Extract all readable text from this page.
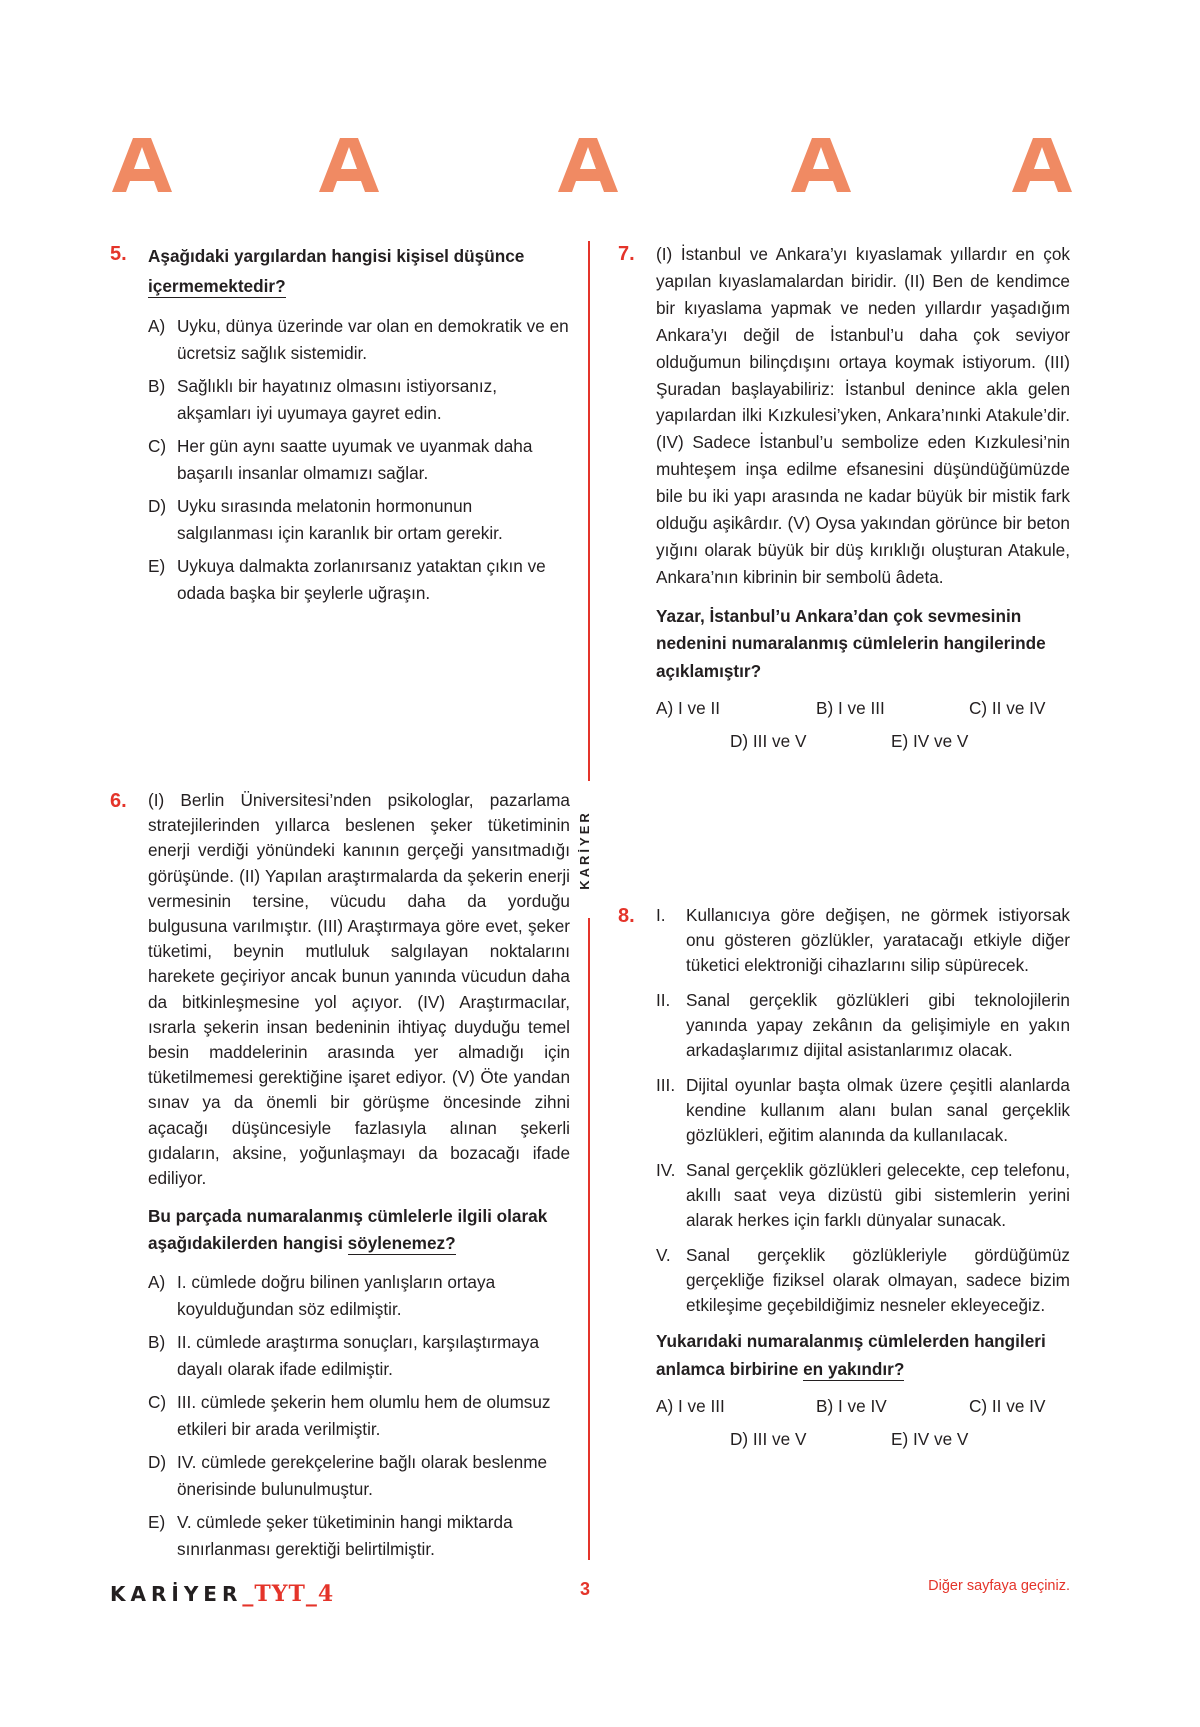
KARİYER
5. Aşağıdaki yargılardan hangisi kişisel düşünce
içermemektedir?
A) Uyku, dünya üzerinde var olan en demokratik ve en ücretsiz sağlık sistemidir.
B) Sağlıklı bir hayatınız olmasını istiyorsanız, akşamları iyi uyumaya gayret edin.
C) Her gün aynı saatte uyumak ve uyanmak daha başarılı insanlar olmamızı sağlar.
D) Uyku sırasında melatonin hormonunun salgılanması için karanlık bir ortam gerekir.
E) Uykuya dalmakta zorlanırsanız yataktan çıkın ve odada başka bir şeylerle uğraşın.
6. (I) Berlin Üniversitesi’nden psikologlar, pazarlama stratejilerinden yıllarca beslenen şeker tüketiminin enerji verdiği yönündeki kanının gerçeği yansıtmadığı görüşünde. (II) Yapılan araştırmalarda da şekerin enerji vermesinin tersine, vücudu daha da yorduğu bulgusuna varılmıştır. (III) Araştırmaya göre evet, şeker tüketimi, beynin mutluluk salgılayan noktalarını harekete geçiriyor ancak bunun yanında vücudun daha da bitkinleşmesine yol açıyor. (IV) Araştırmacılar, ısrarla şekerin insan bedeninin ihtiyaç duyduğu temel besin maddelerinin arasında yer almadığı için tüketilmemesi gerektiğine işaret ediyor. (V) Öte yandan sınav ya da önemli bir görüşme öncesinde zihni açacağı düşüncesiyle fazlasıyla alınan şekerli gıdaların, aksine, yoğunlaşmayı da bozacağı ifade ediliyor.
Bu parçada numaralanmış cümlelerle ilgili olarak aşağıdakilerden hangisi söylenemez?
A) I. cümlede doğru bilinen yanlışların ortaya koyulduğundan söz edilmiştir.
B) II. cümlede araştırma sonuçları, karşılaştırmaya dayalı olarak ifade edilmiştir.
C) III. cümlede şekerin hem olumlu hem de olumsuz etkileri bir arada verilmiştir.
D) IV. cümlede gerekçelerine bağlı olarak beslenme önerisinde bulunulmuştur.
E) V. cümlede şeker tüketiminin hangi miktarda sınırlanması gerektiği belirtilmiştir.
7. (I) İstanbul ve Ankara’yı kıyaslamak yıllardır en çok yapılan kıyaslamalardan biridir. (II) Ben de kendimce bir kıyaslama yapmak ve neden yıllardır yaşadığım Ankara’yı değil de İstanbul’u daha çok seviyor olduğumun bilinçdışını ortaya koymak istiyorum. (III) Şuradan başlayabiliriz: İstanbul denince akla gelen yapılardan ilki Kızkulesi’yken, Ankara’nınki Atakule’dir. (IV) Sadece İstanbul’u sembolize eden Kızkulesi’nin muhteşem inşa edilme efsanesini düşündüğümüzde bile bu iki yapı arasında ne kadar büyük bir mistik fark olduğu aşikârdır. (V) Oysa yakından görünce bir beton yığını olarak büyük bir düş kırıklığı oluşturan Atakule, Ankara’nın kibrinin bir sembolü âdeta.
Yazar, İstanbul’u Ankara’dan çok sevmesinin nedenini numaralanmış cümlelerin hangilerinde açıklamıştır?
A) I ve II	B) I ve III	C) II ve IV
D) III ve V	E) IV ve V
8. I.	Kullanıcıya göre değişen, ne görmek istiyorsak onu gösteren gözlükler, yaratacağı etkiyle diğer tüketici elektroniği cihazlarını silip süpürecek.
II. Sanal gerçeklik gözlükleri gibi teknolojilerin yanında yapay zekânın da gelişimiyle en yakın arkadaşlarımız dijital asistanlarımız olacak.
III. Dijital oyunlar başta olmak üzere çeşitli alanlarda kendine kullanım alanı bulan sanal gerçeklik gözlükleri, eğitim alanında da kullanılacak.
IV. Sanal gerçeklik gözlükleri gelecekte, cep telefonu, akıllı saat veya dizüstü gibi sistemlerin yerini alarak herkes için farklı dünyalar sunacak.
V. Sanal gerçeklik gözlükleriyle gördüğümüz gerçekliğe fiziksel olarak olmayan, sadece bizim etkileşime geçebildiğimiz nesneler ekleyeceğiz.
Yukarıdaki numaralanmış cümlelerden hangileri anlamca birbirine en yakındır?
A) I ve III	B) I ve IV	C) II ve IV
D) III ve V	E) IV ve V
KARİYER_TYT_4	3	Diğer sayfaya geçiniz.
